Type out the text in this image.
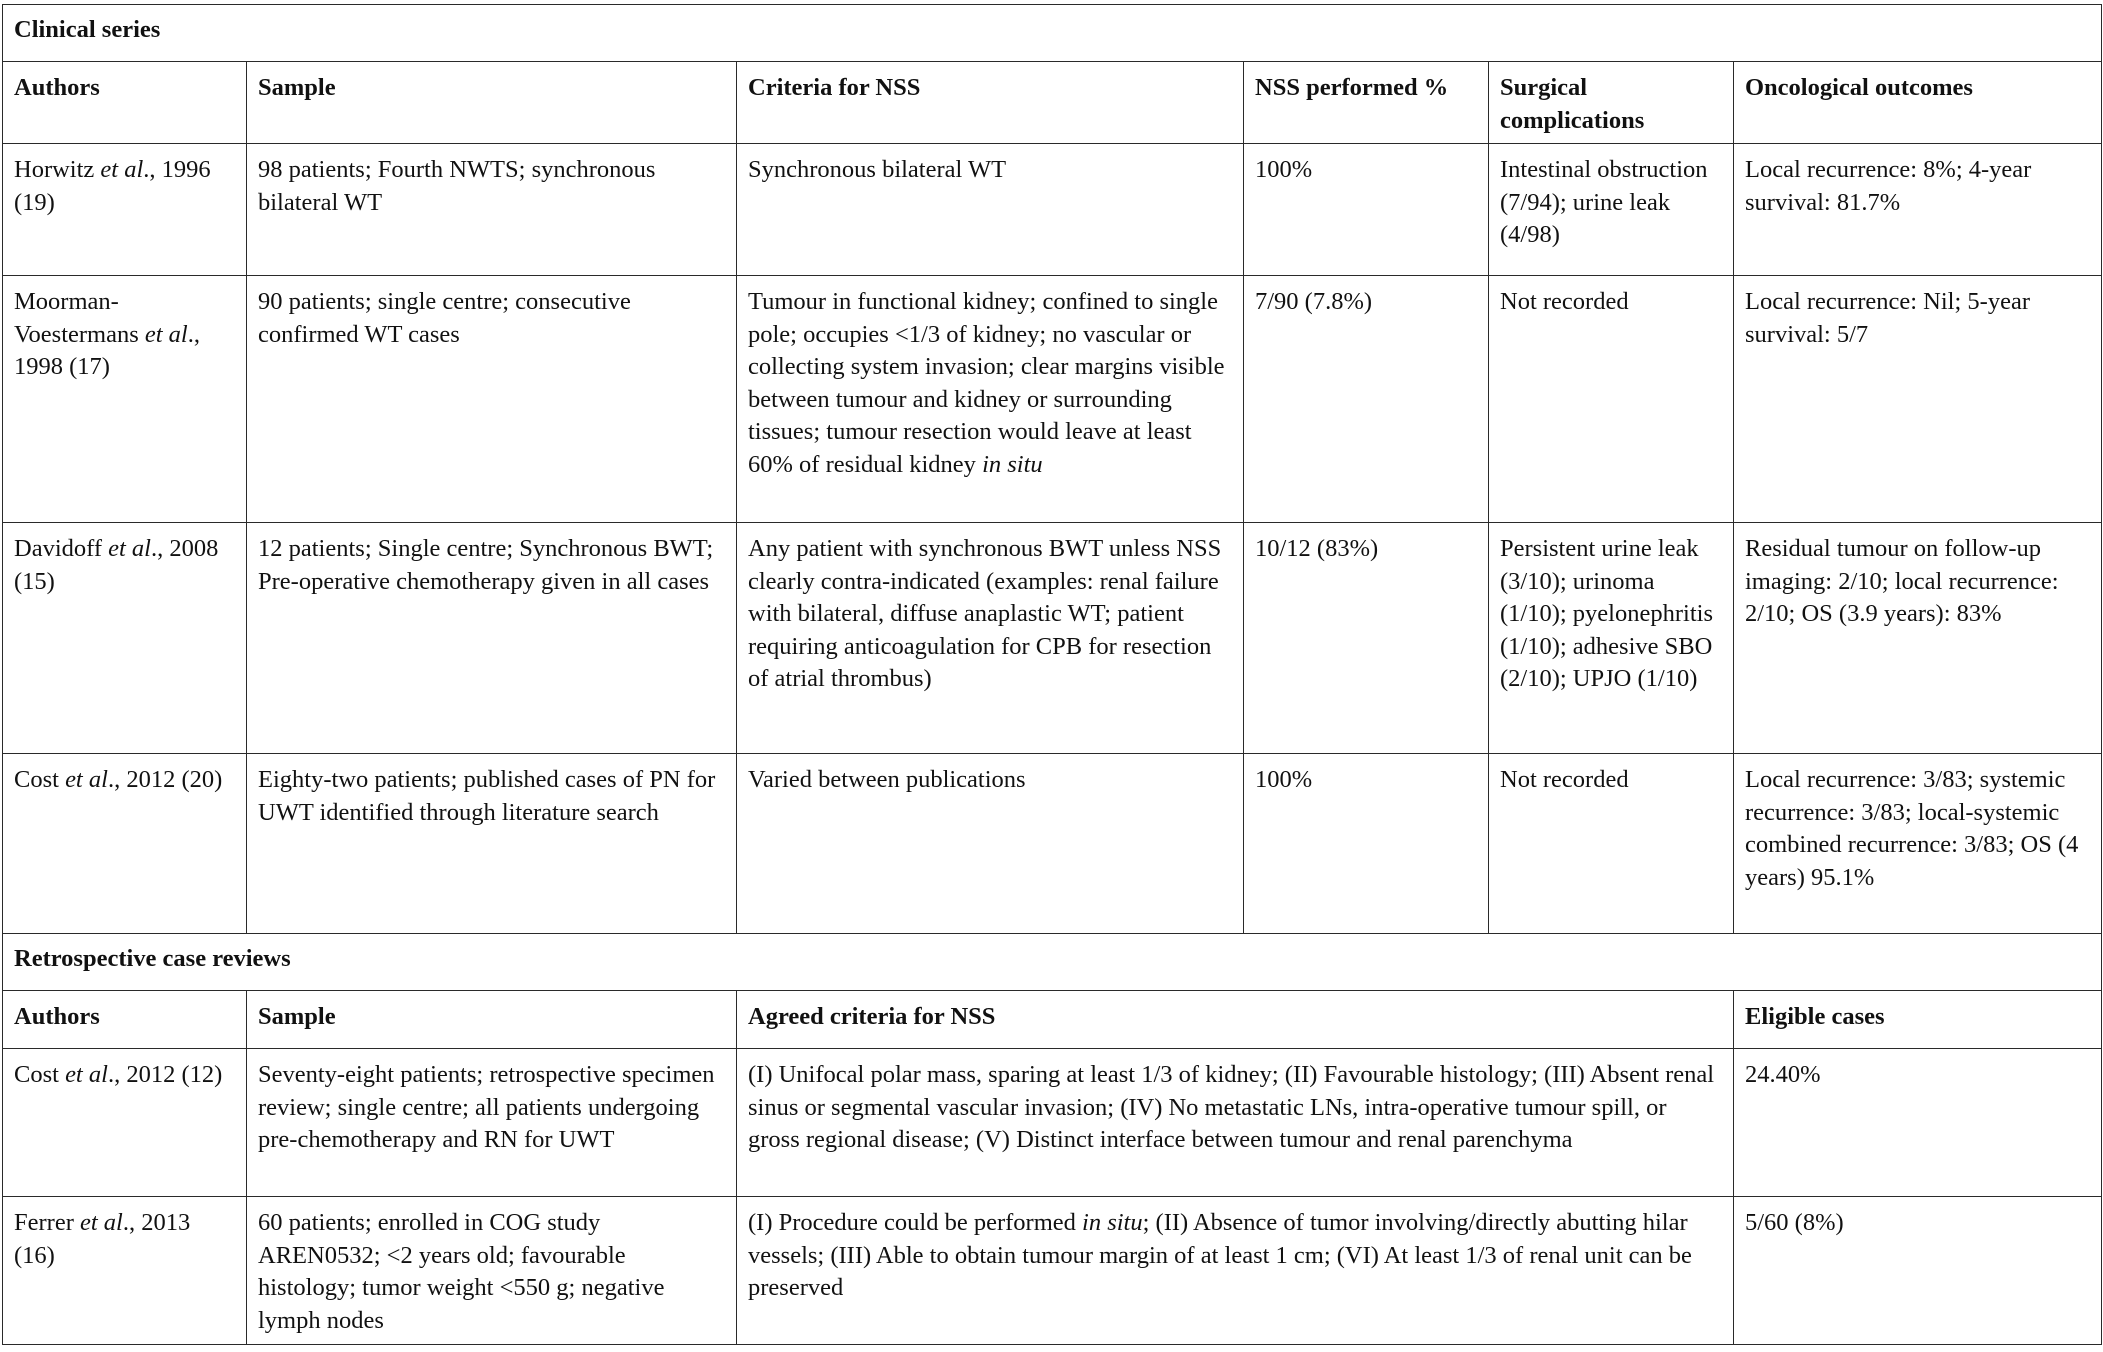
Clinical series					
Authors	Sample	Criteria for NSS	NSS performed %	Surgical complications	Oncological outcomes
Horwitz et al., 1996 (19)	98 patients; Fourth NWTS; synchronous bilateral WT	Synchronous bilateral WT	100%	Intestinal obstruction (7/94); urine leak (4/98)	Local recurrence: 8%; 4-year survival: 81.7%
Moorman-Voestermans et al., 1998 (17)	90 patients; single centre; consecutive confirmed WT cases	Tumour in functional kidney; confined to single pole; occupies <1/3 of kidney; no vascular or collecting system invasion; clear margins visible between tumour and kidney or surrounding tissues; tumour resection would leave at least 60% of residual kidney in situ	7/90 (7.8%)	Not recorded	Local recurrence: Nil; 5-year survival: 5/7
Davidoff et al., 2008 (15)	12 patients; Single centre; Synchronous BWT; Pre-operative chemotherapy given in all cases	Any patient with synchronous BWT unless NSS clearly contra-indicated (examples: renal failure with bilateral, diffuse anaplastic WT; patient requiring anticoagulation for CPB for resection of atrial thrombus)	10/12 (83%)	Persistent urine leak (3/10); urinoma (1/10); pyelonephritis (1/10); adhesive SBO (2/10); UPJO (1/10)	Residual tumour on follow-up imaging: 2/10; local recurrence: 2/10; OS (3.9 years): 83%
Cost et al., 2012 (20)	Eighty-two patients; published cases of PN for UWT identified through literature search	Varied between publications	100%	Not recorded	Local recurrence: 3/83; systemic recurrence: 3/83; local-systemic combined recurrence: 3/83; OS (4 years) 95.1%
Retrospective case reviews					
Authors	Sample	Agreed criteria for NSS			Eligible cases
Cost et al., 2012 (12)	Seventy-eight patients; retrospective specimen review; single centre; all patients undergoing pre-chemotherapy and RN for UWT	(I) Unifocal polar mass, sparing at least 1/3 of kidney; (II) Favourable histology; (III) Absent renal sinus or segmental vascular invasion; (IV) No metastatic LNs, intra-operative tumour spill, or gross regional disease; (V) Distinct interface between tumour and renal parenchyma			24.40%
Ferrer et al., 2013 (16)	60 patients; enrolled in COG study AREN0532; <2 years old; favourable histology; tumor weight <550 g; negative lymph nodes	(I) Procedure could be performed in situ; (II) Absence of tumor involving/directly abutting hilar vessels; (III) Able to obtain tumour margin of at least 1 cm; (VI) At least 1/3 of renal unit can be preserved			5/60 (8%)
